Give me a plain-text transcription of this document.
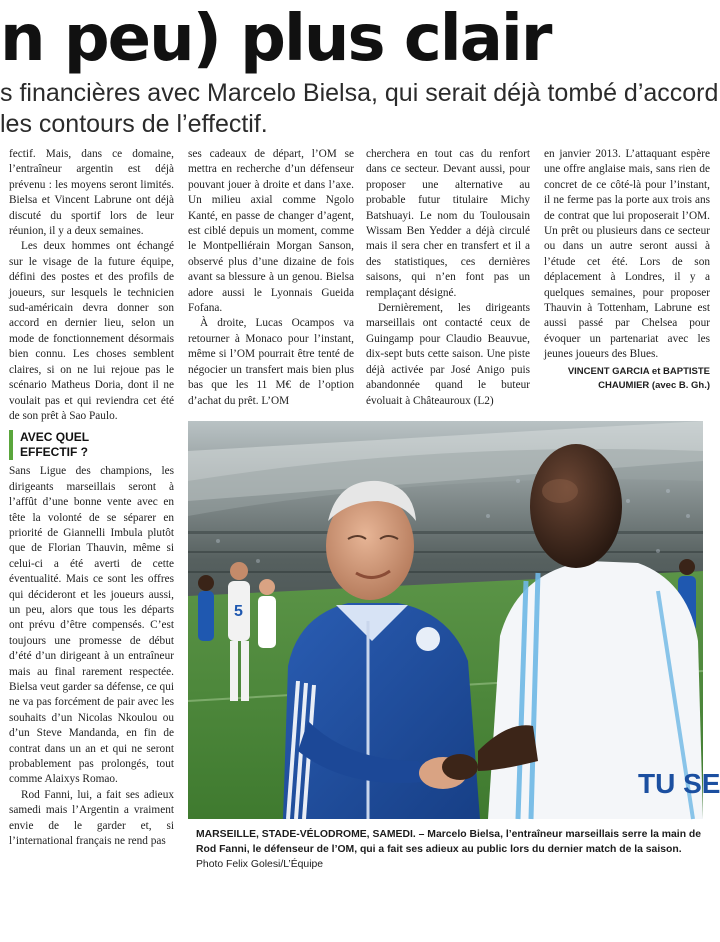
n peu) plus clair
s financières avec Marcelo Bielsa, qui serait déjà tombé d’accord
les contours de l’effectif.

fectif. Mais, dans ce domaine, l’entraîneur argentin est déjà prévenu : les moyens seront limités. Bielsa et Vincent Labrune ont déjà discuté du sportif lors de leur réunion, il y a deux semaines.

Les deux hommes ont échangé sur le visage de la future équipe, défini des postes et des profils de joueurs, sur lesquels le technicien sud-américain devra donner son accord en dernier lieu, selon un mode de fonctionnement désormais bien connu. Les choses semblent claires, si on ne lui rejoue pas le scénario Matheus Doria, dont il ne voulait pas et qui reviendra cet été de son prêt à Sao Paulo.

AVEC QUEL
EFFECTIF ?

Sans Ligue des champions, les dirigeants marseillais seront à l’affût d’une bonne vente avec en tête la volonté de se séparer en priorité de Giannelli Imbula plutôt que de Florian Thauvin, même si celui-ci a été averti de cette éventualité. Mais ce sont les offres qui décideront et les joueurs aussi, un peu, alors que tous les départs ont prévu d’être compensés. C’est toujours une promesse de début d’été d’un dirigeant à un entraîneur mais au final rarement respectée. Bielsa veut garder sa défense, ce qui ne va pas forcément de pair avec les souhaits d’un Nicolas Nkoulou ou d’un Steve Mandanda, en fin de contrat dans un an et qui ne seront probablement pas prolongés, tout comme Alaixys Romao.

Rod Fanni, lui, a fait ses adieux samedi mais l’Argentin a vraiment envie de le garder et, si l’international français ne rend pas

ses cadeaux de départ, l’OM se mettra en recherche d’un défenseur pouvant jouer à droite et dans l’axe. Un milieu axial comme Ngolo Kanté, en passe de changer d’agent, est ciblé depuis un moment, comme le Montpelliérain Morgan Sanson, observé plus d’une dizaine de fois avant sa blessure à un genou. Bielsa adore aussi le Lyonnais Gueida Fofana.

À droite, Lucas Ocampos va retourner à Monaco pour l’instant, même si l’OM pourrait être tenté de négocier un transfert mais bien plus bas que les 11 M€ de l’option d’achat du prêt. L’OM

cherchera en tout cas du renfort dans ce secteur. Devant aussi, pour proposer une alternative au probable futur titulaire Michy Batshuayi. Le nom du Toulousain Wissam Ben Yedder a déjà circulé mais il sera cher en transfert et il a des statistiques, ces dernières saisons, qui n’en font pas un remplaçant désigné.

Dernièrement, les dirigeants marseillais ont contacté ceux de Guingamp pour Claudio Beauvue, dix-sept buts cette saison. Une piste déjà activée par José Anigo puis abandonnée quand le buteur évoluait à Châteauroux (L2)

en janvier 2013. L’attaquant espère une offre anglaise mais, sans rien de concret de ce côté-là pour l’instant, il ne ferme pas la porte aux trois ans de contrat que lui proposerait l’OM. Un prêt ou plusieurs dans ce secteur ou dans un autre seront aussi à l’étude cet été. Lors de son déplacement à Londres, il y a quelques semaines, pour proposer Thauvin à Tottenham, Labrune est aussi passé par Chelsea pour évoquer un partenariat avec les jeunes joueurs des Blues.

VINCENT GARCIA et BAPTISTE
CHAUMIER (avec B. Gh.)
TU SE
5
MARSEILLE, STADE-VÉLODROME, SAMEDI. – Marcelo Bielsa, l’entraîneur marseillais serre la main de Rod Fanni, le défenseur de l’OM, qui a fait ses adieux au public lors du dernier match de la saison. Photo Felix Golesi/L’Équipe
